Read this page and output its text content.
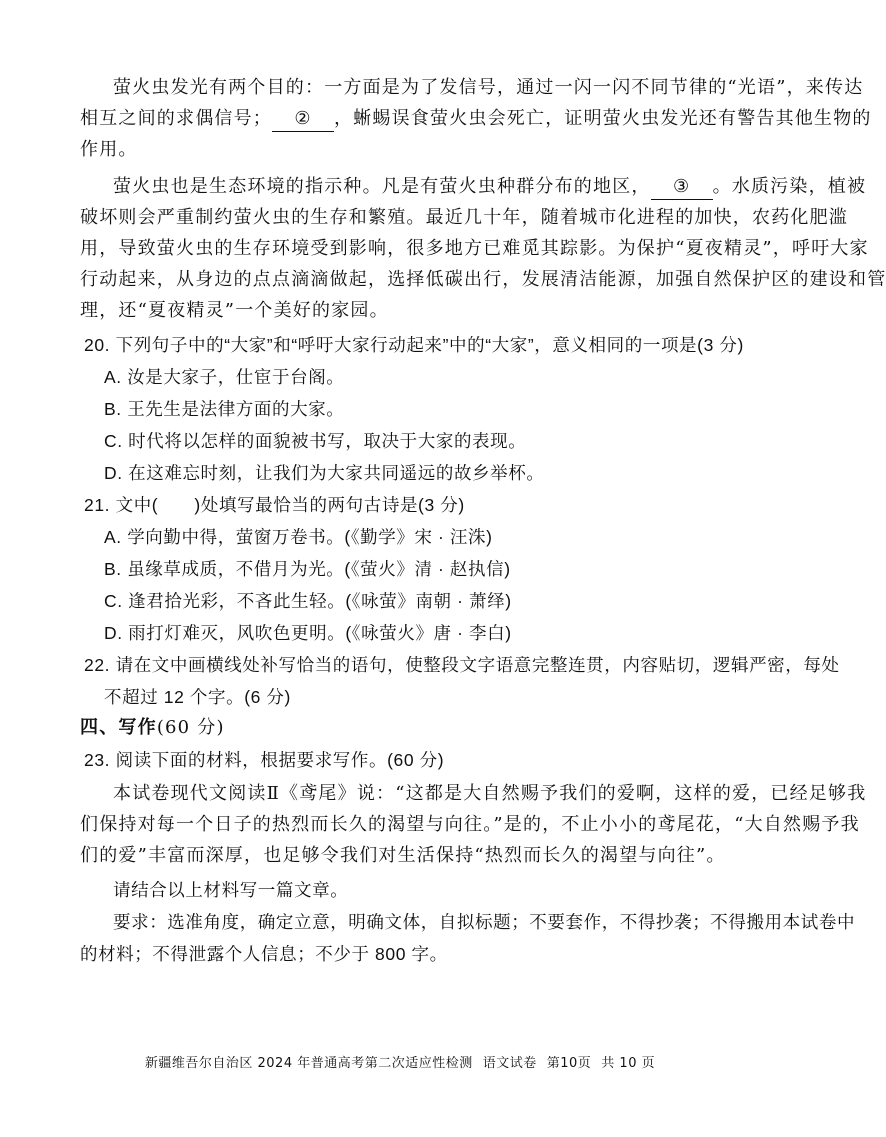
萤火虫发光有两个目的：一方面是为了发信号，通过一闪一闪不同节律的“光语”，来传达
相互之间的求偶信号； ② ，蜥蜴误食萤火虫会死亡，证明萤火虫发光还有警告其他生物的
作用。
萤火虫也是生态环境的指示种。凡是有萤火虫种群分布的地区， ③ 。水质污染，植被
破坏则会严重制约萤火虫的生存和繁殖。最近几十年，随着城市化进程的加快，农药化肥滥
用，导致萤火虫的生存环境受到影响，很多地方已难觅其踪影。为保护“夏夜精灵”，呼吁大家
行动起来，从身边的点点滴滴做起，选择低碳出行，发展清洁能源，加强自然保护区的建设和管
理，还“夏夜精灵”一个美好的家园。
20. 下列句子中的“大家”和“呼吁大家行动起来”中的“大家”，意义相同的一项是(3 分)
A. 汝是大家子，仕宦于台阁。
B. 王先生是法律方面的大家。
C. 时代将以怎样的面貌被书写，取决于大家的表现。
D. 在这难忘时刻，让我们为大家共同遥远的故乡举杯。
21. 文中(　　)处填写最恰当的两句古诗是(3 分)
A. 学向勤中得，萤窗万卷书。(《勤学》宋 · 汪洙)
B. 虽缘草成质，不借月为光。(《萤火》清 · 赵执信)
C. 逢君拾光彩，不吝此生轻。(《咏萤》南朝 · 萧绎)
D. 雨打灯难灭，风吹色更明。(《咏萤火》唐 · 李白)
22. 请在文中画横线处补写恰当的语句，使整段文字语意完整连贯，内容贴切，逻辑严密，每处
不超过 12 个字。(6 分)
四、写作(60 分)
23. 阅读下面的材料，根据要求写作。(60 分)
本试卷现代文阅读Ⅱ《鸢尾》说：“这都是大自然赐予我们的爱啊，这样的爱，已经足够我
们保持对每一个日子的热烈而长久的渴望与向往。”是的，不止小小的鸢尾花，“大自然赐予我
们的爱”丰富而深厚，也足够令我们对生活保持“热烈而长久的渴望与向往”。
请结合以上材料写一篇文章。
要求：选准角度，确定立意，明确文体，自拟标题；不要套作，不得抄袭；不得搬用本试卷中
的材料；不得泄露个人信息；不少于 800 字。
新疆维吾尔自治区 2024 年普通高考第二次适应性检测 语文试卷 第10页 共 10 页
